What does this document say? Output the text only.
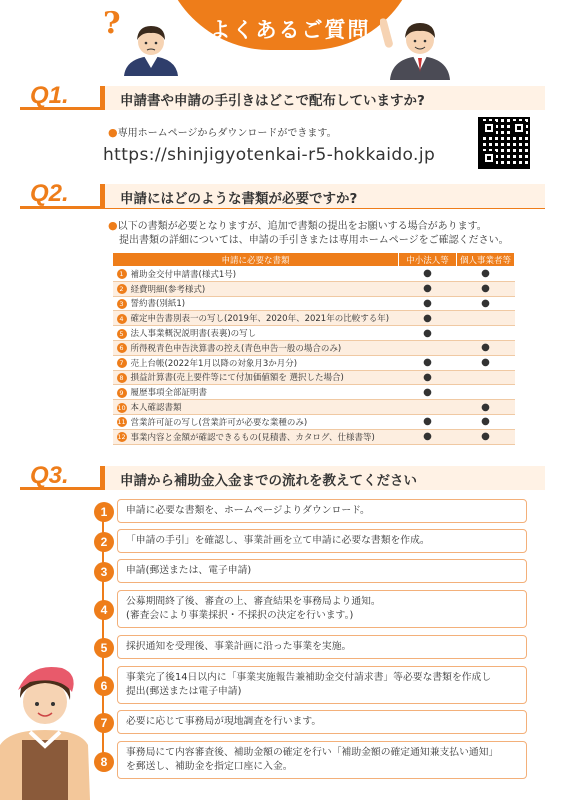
よくあるご質問
?
Q1.	申請書や申請の手引きはどこで配布していますか?
●専用ホームページからダウンロードができます。
https://shinjigyotenkai-r5-hokkaido.jp
Q2.	申請にはどのような書類が必要ですか?
●以下の書類が必要となりますが、追加で書類の提出をお願いする場合があります。
提出書類の詳細については、申請の手引きまたは専用ホームページをご確認ください。
申請に必要な書類	中小法人等	個人事業者等
1 補助金交付申請書(様式1号)	●	●
2 経費明細(参考様式)	●	●
3 誓約書(別紙1)	●	●
4 確定申告書別表一の写し(2019年、2020年、2021年の比較する年)	●	
5 法人事業概況説明書(表裏)の写し	●	
6 所得税青色申告決算書の控え(青色申告一般の場合のみ)		●
7 売上台帳(2022年1月以降の対象月3か月分)	●	●
8 損益計算書(売上要件等にて付加価値額を 選択した場合)	●	
9 履歴事項全部証明書	●	
10 本人確認書類		●
11 営業許可証の写し(営業許可が必要な業種のみ)	●	●
12 事業内容と金額が確認できるもの(見積書、カタログ、仕様書等)	●	●
Q3.	申請から補助金入金までの流れを教えてください
1	申請に必要な書類を、ホームページよりダウンロード。
2	「申請の手引」を確認し、事業計画を立て申請に必要な書類を作成。
3	申請(郵送または、電子申請)
4
公募期間終了後、審査の上、審査結果を事務局より通知。
(審査会により事業採択・不採択の決定を行います。)
5	採択通知を受理後、事業計画に沿った事業を実施。
6
事業完了後14日以内に「事業実施報告兼補助金交付請求書」等必要な書類を作成し
提出(郵送または電子申請)
7	必要に応じて事務局が現地調査を行います。
8
事務局にて内容審査後、補助金額の確定を行い「補助金額の確定通知兼支払い通知」
を郵送し、補助金を指定口座に入金。
